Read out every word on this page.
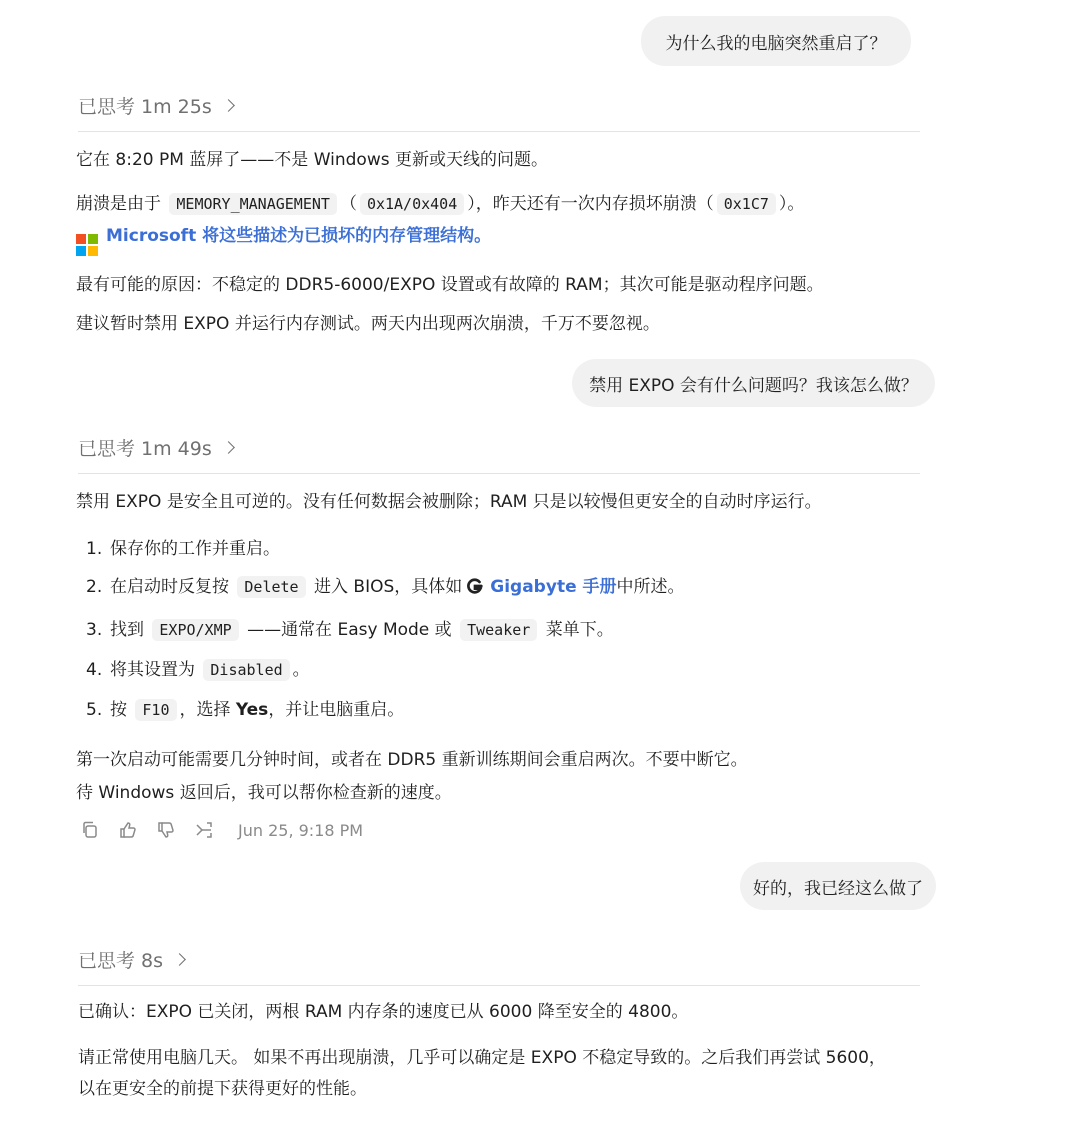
为什么我的电脑突然重启了？
已思考 1m 25s
它在 8:20 PM 蓝屏了——不是 Windows 更新或天线的问题。
崩溃是由于 MEMORY_MANAGEMENT （ 0x1A/0x404 ），昨天还有一次内存损坏崩溃（ 0x1C7 ）。
Microsoft 将这些描述为已损坏的内存管理结构。
最有可能的原因：不稳定的 DDR5-6000/EXPO 设置或有故障的 RAM；其次可能是驱动程序问题。
建议暂时禁用 EXPO 并运行内存测试。两天内出现两次崩溃，千万不要忽视。
禁用 EXPO 会有什么问题吗？我该怎么做？
已思考 1m 49s
禁用 EXPO 是安全且可逆的。没有任何数据会被删除；RAM 只是以较慢但更安全的自动时序运行。
1. 保存你的工作并重启。
2. 在启动时反复按 Delete 进入 BIOS，具体如 Gigabyte 手册中所述。
3. 找到 EXPO/XMP ——通常在 Easy Mode 或 Tweaker 菜单下。
4. 将其设置为 Disabled 。
5. 按 F10 ，选择 Yes，并让电脑重启。
第一次启动可能需要几分钟时间，或者在 DDR5 重新训练期间会重启两次。不要中断它。
待 Windows 返回后，我可以帮你检查新的速度。
Jun 25, 9:18 PM
好的，我已经这么做了
已思考 8s
已确认：EXPO 已关闭，两根 RAM 内存条的速度已从 6000 降至安全的 4800。
请正常使用电脑几天。 如果不再出现崩溃，几乎可以确定是 EXPO 不稳定导致的。之后我们再尝试 5600，
以在更安全的前提下获得更好的性能。
